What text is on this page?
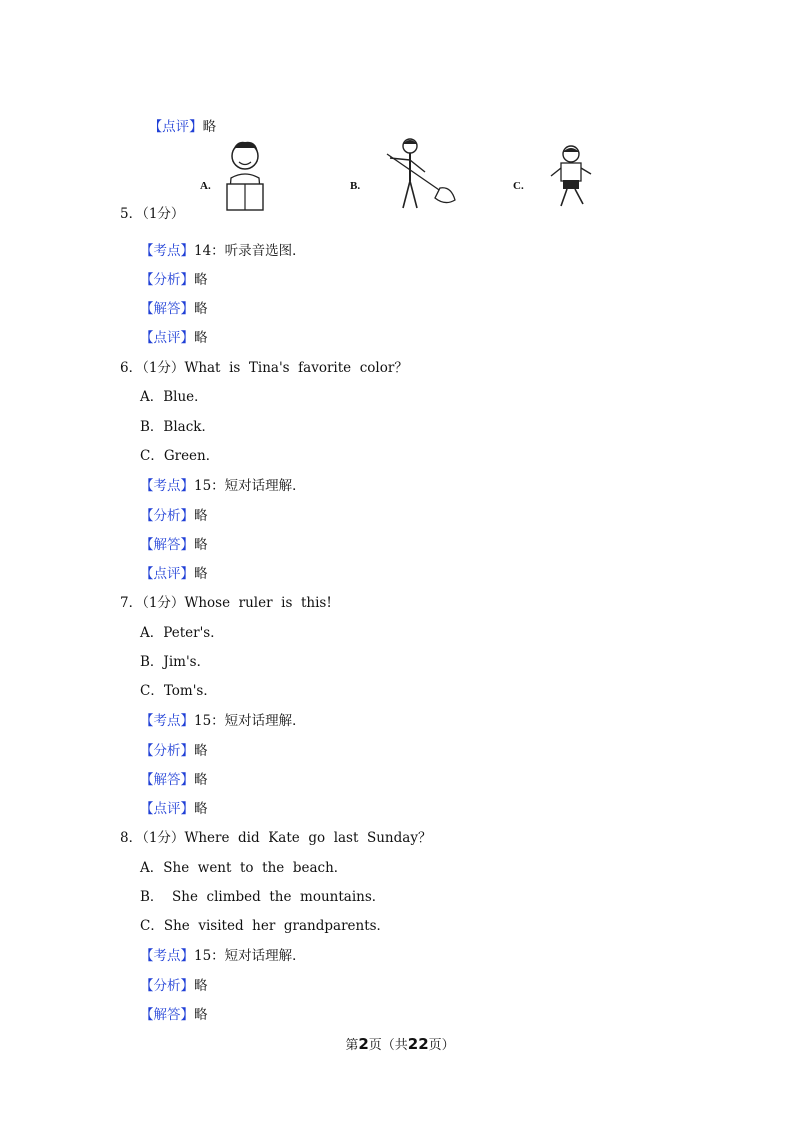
【点评】略

A.	B.	C.
5．（1分）
【考点】14：听录音选图．
【分析】略
【解答】略
【点评】略
6．（1分）What  is  Tina's  favorite  color？
A．Blue．
B．Black．
C．Green．
【考点】15：短对话理解．
【分析】略
【解答】略
【点评】略
7．（1分）Whose  ruler  is  this!
A．Peter's．
B．Jim's．
C．Tom's．
【考点】15：短对话理解．
【分析】略
【解答】略
【点评】略
8．（1分）Where  did  Kate  go  last  Sunday？
A．She  went  to  the  beach．
B．  She  climbed  the  mountains．
C．She  visited  her  grandparents．
【考点】15：短对话理解．
【分析】略
【解答】略
第2页（共22页）
